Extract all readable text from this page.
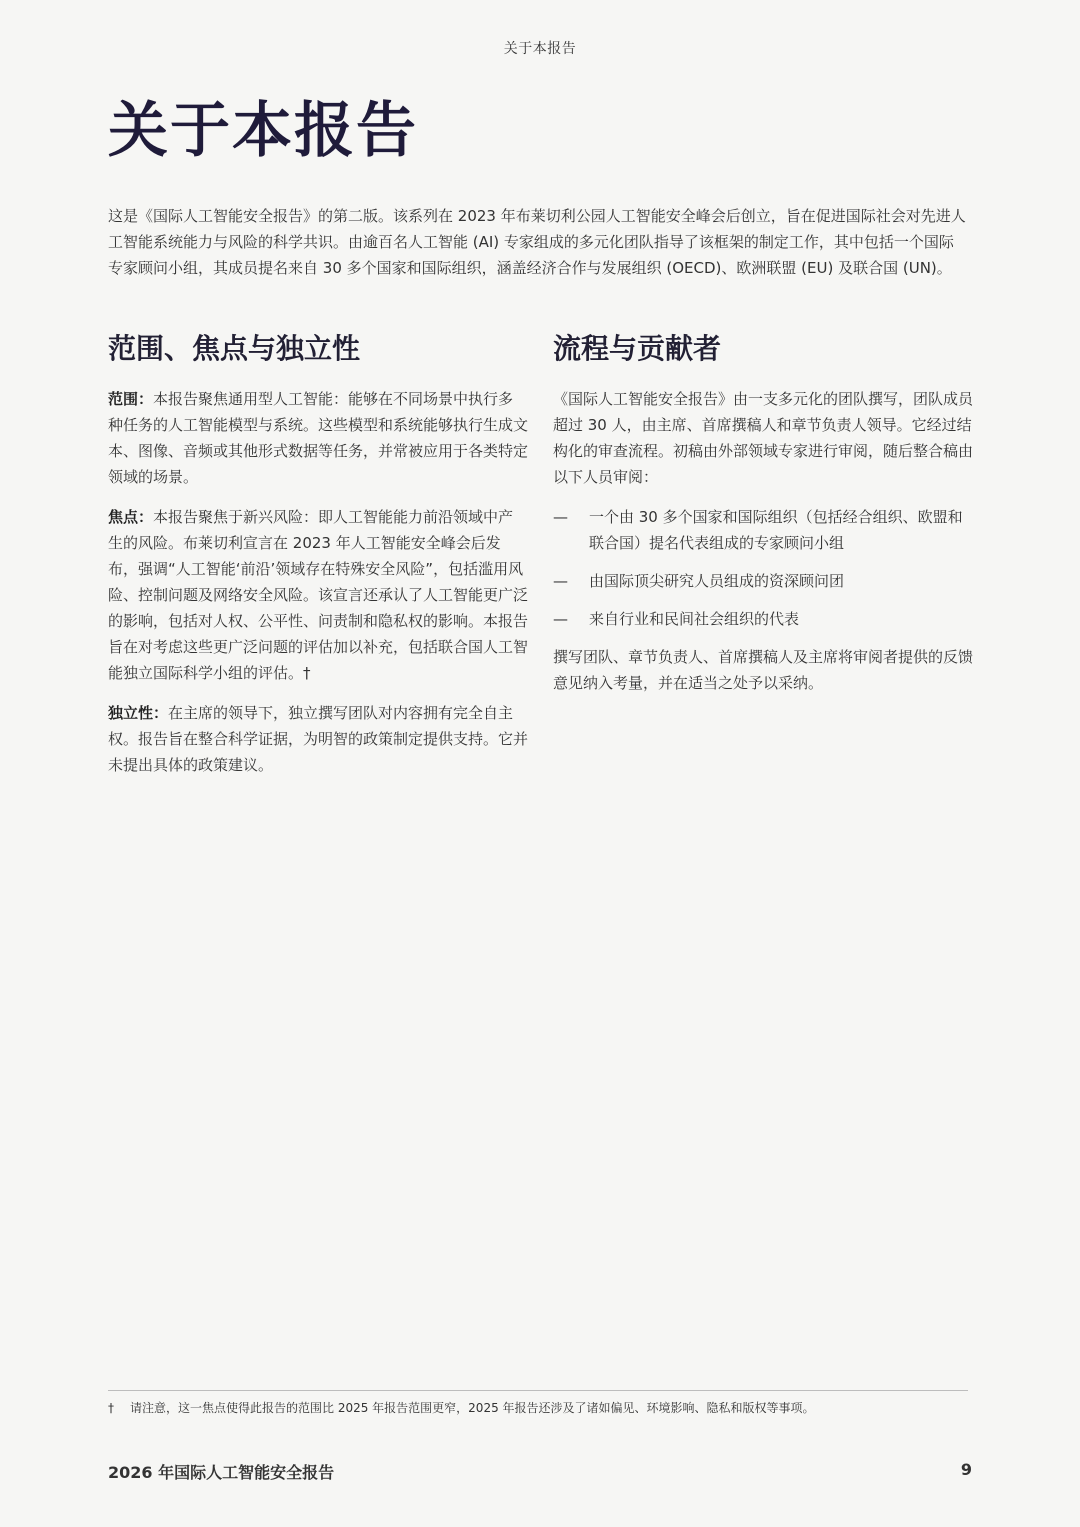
关于本报告
关于本报告

这是《国际人工智能安全报告》的第二版。该系列在 2023 年布莱切利公园人工智能安全峰会后创立，旨在促进国际社会对先进人工智能系统能力与风险的科学共识。由逾百名人工智能 (AI) 专家组成的多元化团队指导了该框架的制定工作，其中包括一个国际专家顾问小组，其成员提名来自 30 多个国家和国际组织，涵盖经济合作与发展组织 (OECD)、欧洲联盟 (EU) 及联合国 (UN)。

范围、焦点与独立性

范围：本报告聚焦通用型人工智能：能够在不同场景中执行多种任务的人工智能模型与系统。这些模型和系统能够执行生成文本、图像、音频或其他形式数据等任务，并常被应用于各类特定领域的场景。

焦点：本报告聚焦于新兴风险：即人工智能能力前沿领域中产生的风险。布莱切利宣言在 2023 年人工智能安全峰会后发布，强调“人工智能‘前沿’领域存在特殊安全风险”，包括滥用风险、控制问题及网络安全风险。该宣言还承认了人工智能更广泛的影响，包括对人权、公平性、问责制和隐私权的影响。本报告旨在对考虑这些更广泛问题的评估加以补充，包括联合国人工智能独立国际科学小组的评估。†

独立性：在主席的领导下，独立撰写团队对内容拥有完全自主权。报告旨在整合科学证据，为明智的政策制定提供支持。它并未提出具体的政策建议。

流程与贡献者

《国际人工智能安全报告》由一支多元化的团队撰写，团队成员超过 30 人，由主席、首席撰稿人和章节负责人领导。它经过结构化的审查流程。初稿由外部领域专家进行审阅，随后整合稿由以下人员审阅：

—	一个由 30 多个国家和国际组织（包括经合组织、欧盟和联合国）提名代表组成的专家顾问小组
—	由国际顶尖研究人员组成的资深顾问团
—	来自行业和民间社会组织的代表

撰写团队、章节负责人、首席撰稿人及主席将审阅者提供的反馈意见纳入考量，并在适当之处予以采纳。

†	请注意，这一焦点使得此报告的范围比 2025 年报告范围更窄，2025 年报告还涉及了诸如偏见、环境影响、隐私和版权等事项。
2026 年国际人工智能安全报告	9
